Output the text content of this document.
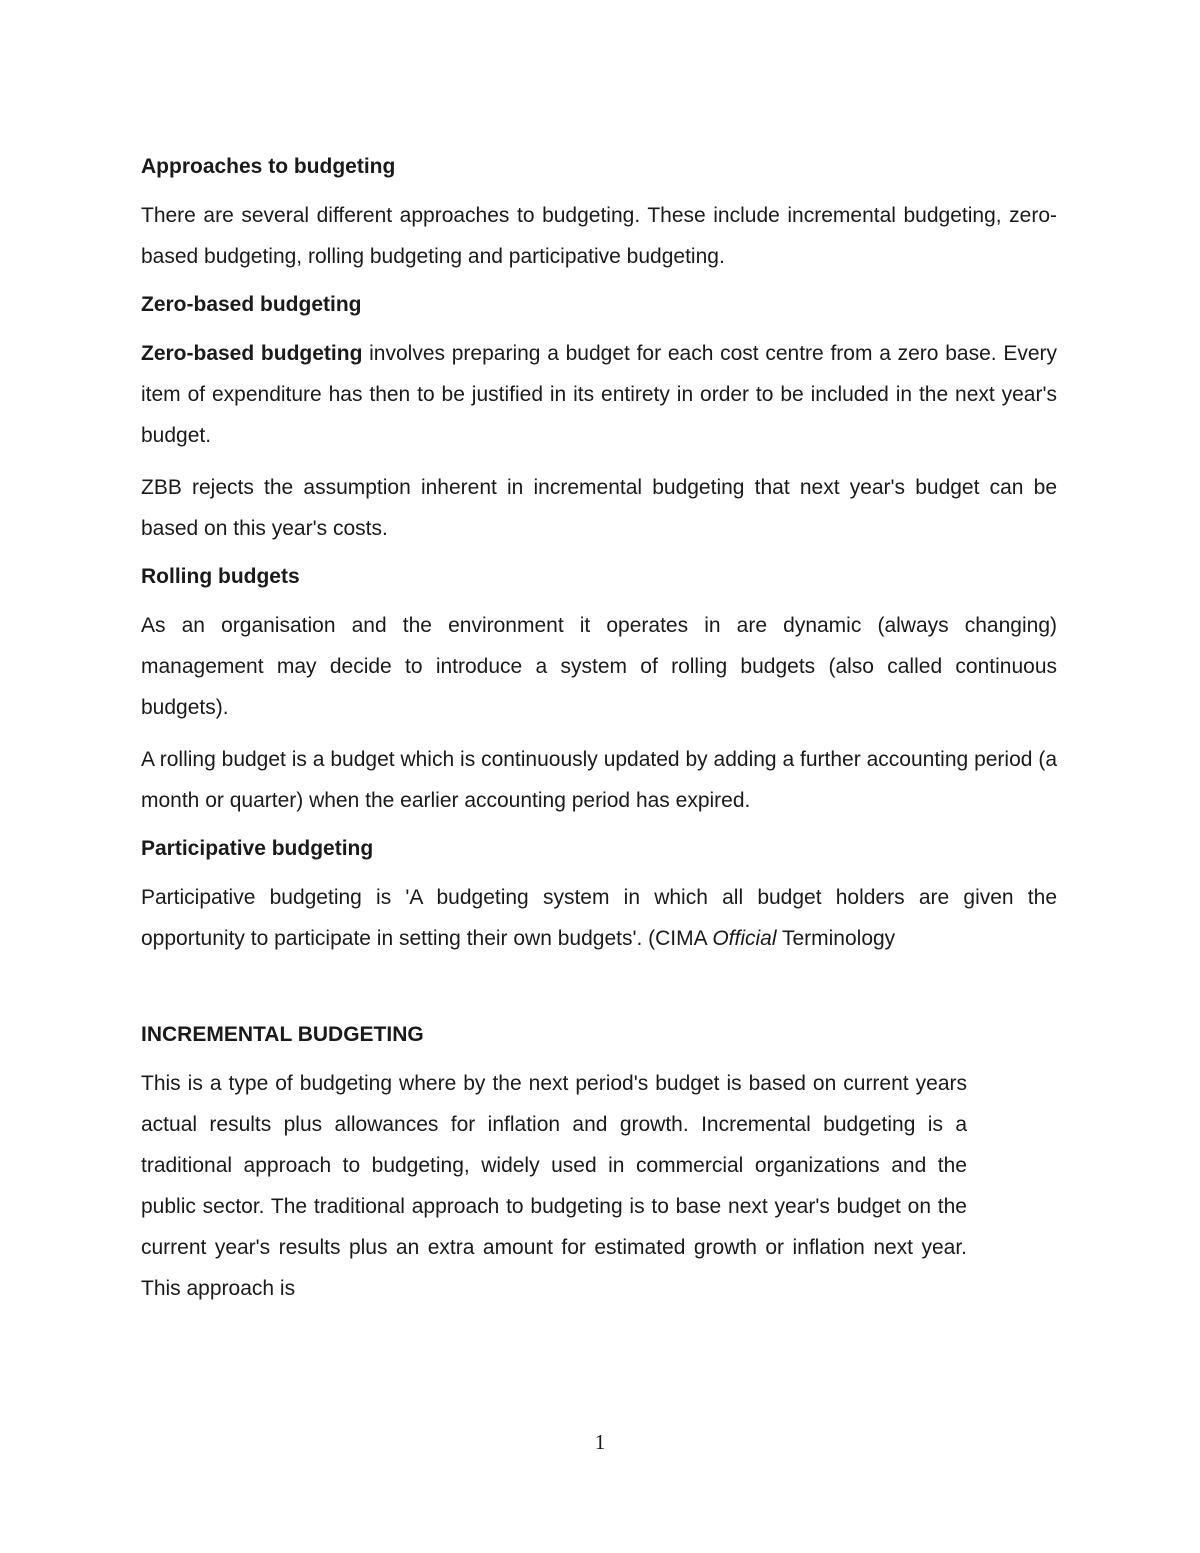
Approaches to budgeting

There are several different approaches to budgeting. These include incremental budgeting, zero-based budgeting, rolling budgeting and participative budgeting.

Zero-based budgeting

Zero-based budgeting involves preparing a budget for each cost centre from a zero base. Every item of expenditure has then to be justified in its entirety in order to be included in the next year's budget.

ZBB rejects the assumption inherent in incremental budgeting that next year's budget can be based on this year's costs.

Rolling budgets

As an organisation and the environment it operates in are dynamic (always changing) management may decide to introduce a system of rolling budgets (also called continuous budgets).

A rolling budget is a budget which is continuously updated by adding a further accounting period (a month or quarter) when the earlier accounting period has expired.

Participative budgeting

Participative budgeting is 'A budgeting system in which all budget holders are given the opportunity to participate in setting their own budgets'. (CIMA Official Terminology

INCREMENTAL BUDGETING

This is a type of budgeting where by the next period's budget is based on current years actual results plus allowances for inflation and growth. Incremental budgeting is a traditional approach to budgeting, widely used in commercial organizations and the public sector. The traditional approach to budgeting is to base next year's budget on the current year's results plus an extra amount for estimated growth or inflation next year. This approach is

1
